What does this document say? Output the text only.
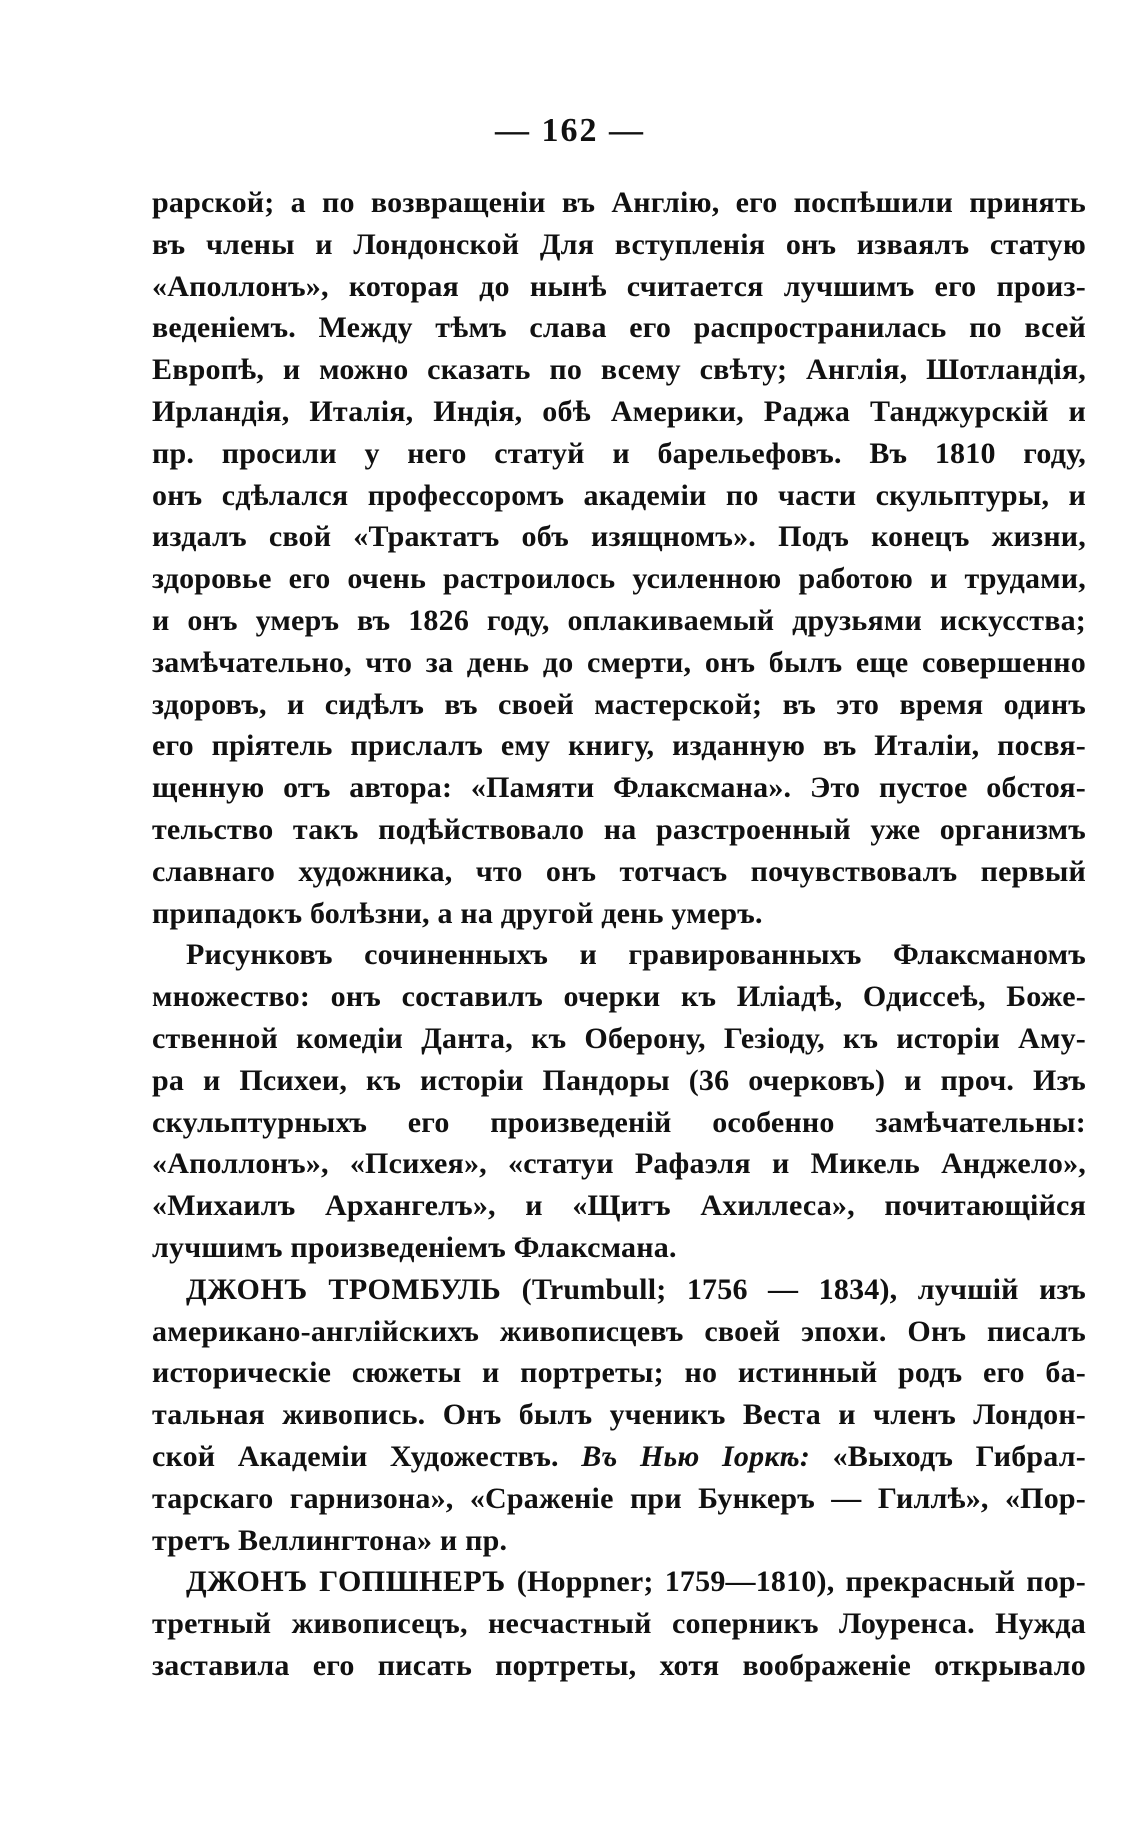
— 162 —
рарской; а по возвращеніи въ Англію, его поспѣшили принять
въ члены и Лондонской Для вступленія онъ изваялъ статую
«Аполлонъ», которая до нынѣ считается лучшимъ его произ-
веденіемъ. Между тѣмъ слава его распространилась по всей
Европѣ, и можно сказать по всему свѣту; Англія, Шотландія,
Ирландія, Италія, Индія, обѣ Америки, Раджа Танджурскій и
пр. просили у него статуй и барельефовъ. Въ 1810 году,
онъ сдѣлался профессоромъ академіи по части скульптуры, и
издалъ свой «Трактатъ объ изящномъ». Подъ конецъ жизни,
здоровье его очень растроилось усиленною работою и трудами,
и онъ умеръ въ 1826 году, оплакиваемый друзьями искусства;
замѣчательно, что за день до смерти, онъ былъ еще совершенно
здоровъ, и сидѣлъ въ своей мастерской; въ это время одинъ
его пріятель прислалъ ему книгу, изданную въ Италіи, посвя-
щенную отъ автора: «Памяти Флаксмана». Это пустое обстоя-
тельство такъ подѣйствовало на разстроенный уже организмъ
славнаго художника, что онъ тотчасъ почувствовалъ первый
припадокъ болѣзни, а на другой день умеръ.
Рисунковъ сочиненныхъ и гравированныхъ Флаксманомъ
множество: онъ составилъ очерки къ Иліадѣ, Одиссеѣ, Боже-
ственной комедіи Данта, къ Оберону, Гезіоду, къ исторіи Аму-
ра и Психеи, къ исторіи Пандоры (36 очерковъ) и проч. Изъ
скульптурныхъ его произведеній особенно замѣчательны:
«Аполлонъ», «Психея», «статуи Рафаэля и Микель Анджело»,
«Михаилъ Архангелъ», и «Щитъ Ахиллеса», почитающійся
лучшимъ произведеніемъ Флаксмана.
ДЖОНЪ ТРОМБУЛЬ (Trumbull; 1756 — 1834), лучшій изъ
американо-англійскихъ живописцевъ своей эпохи. Онъ писалъ
историческіе сюжеты и портреты; но истинный родъ его ба-
тальная живопись. Онъ былъ ученикъ Веста и членъ Лондон-
ской Академіи Художествъ. Въ Нью Іоркѣ: «Выходъ Гибрал-
тарскаго гарнизона», «Сраженіе при Бункеръ — Гиллѣ», «Пор-
третъ Веллингтона» и пр.
ДЖОНЪ ГОПШНЕРЪ (Hoppner; 1759—1810), прекрасный пор-
третный живописецъ, несчастный соперникъ Лоуренса. Нужда
заставила его писать портреты, хотя воображеніе открывало
